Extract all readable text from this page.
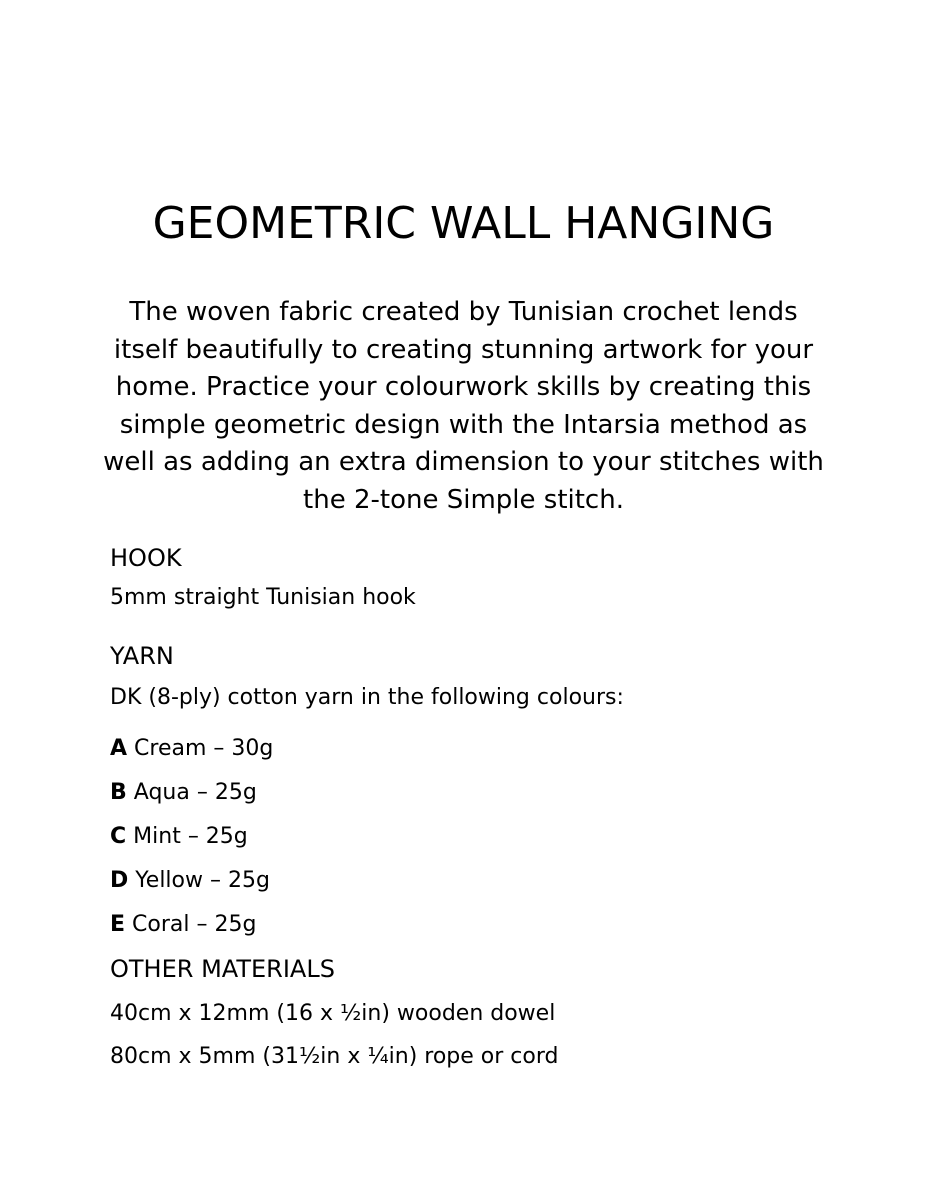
GEOMETRIC WALL HANGING
The woven fabric created by Tunisian crochet lends
itself beautifully to creating stunning artwork for your
home. Practice your colourwork skills by creating this
simple geometric design with the Intarsia method as
well as adding an extra dimension to your stitches with
the 2-tone Simple stitch.
HOOK
5mm straight Tunisian hook
YARN
DK (8-ply) cotton yarn in the following colours:
A Cream – 30g
B Aqua – 25g
C Mint – 25g
D Yellow – 25g
E Coral – 25g
OTHER MATERIALS
40cm x 12mm (16 x ¹⁄₂in) wooden dowel
80cm x 5mm (31¹⁄₂in x ¹⁄₄in) rope or cord
